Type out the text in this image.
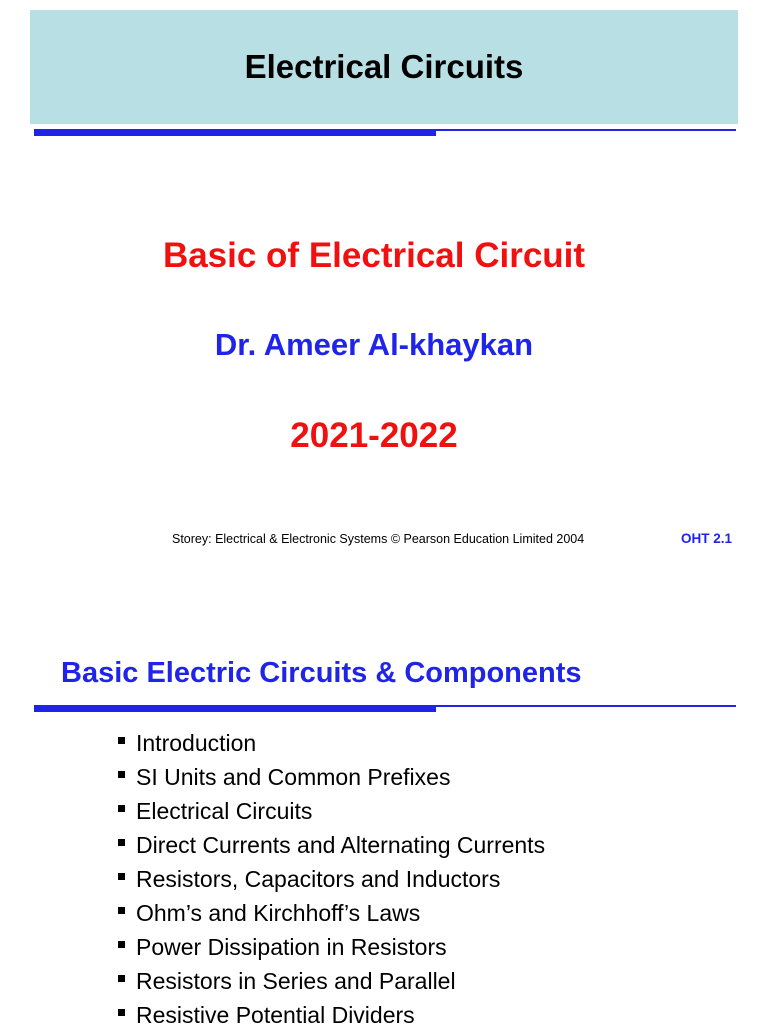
Electrical Circuits

Basic of Electrical Circuit

Dr. Ameer Al-khaykan

2021-2022

Storey: Electrical & Electronic Systems © Pearson Education Limited 2004	OHT 2.1
Basic Electric Circuits & Components
Introduction
SI Units and Common Prefixes
Electrical Circuits
Direct Currents and Alternating Currents
Resistors, Capacitors and Inductors
Ohm’s and Kirchhoff’s Laws
Power Dissipation in Resistors
Resistors in Series and Parallel
Resistive Potential Dividers
